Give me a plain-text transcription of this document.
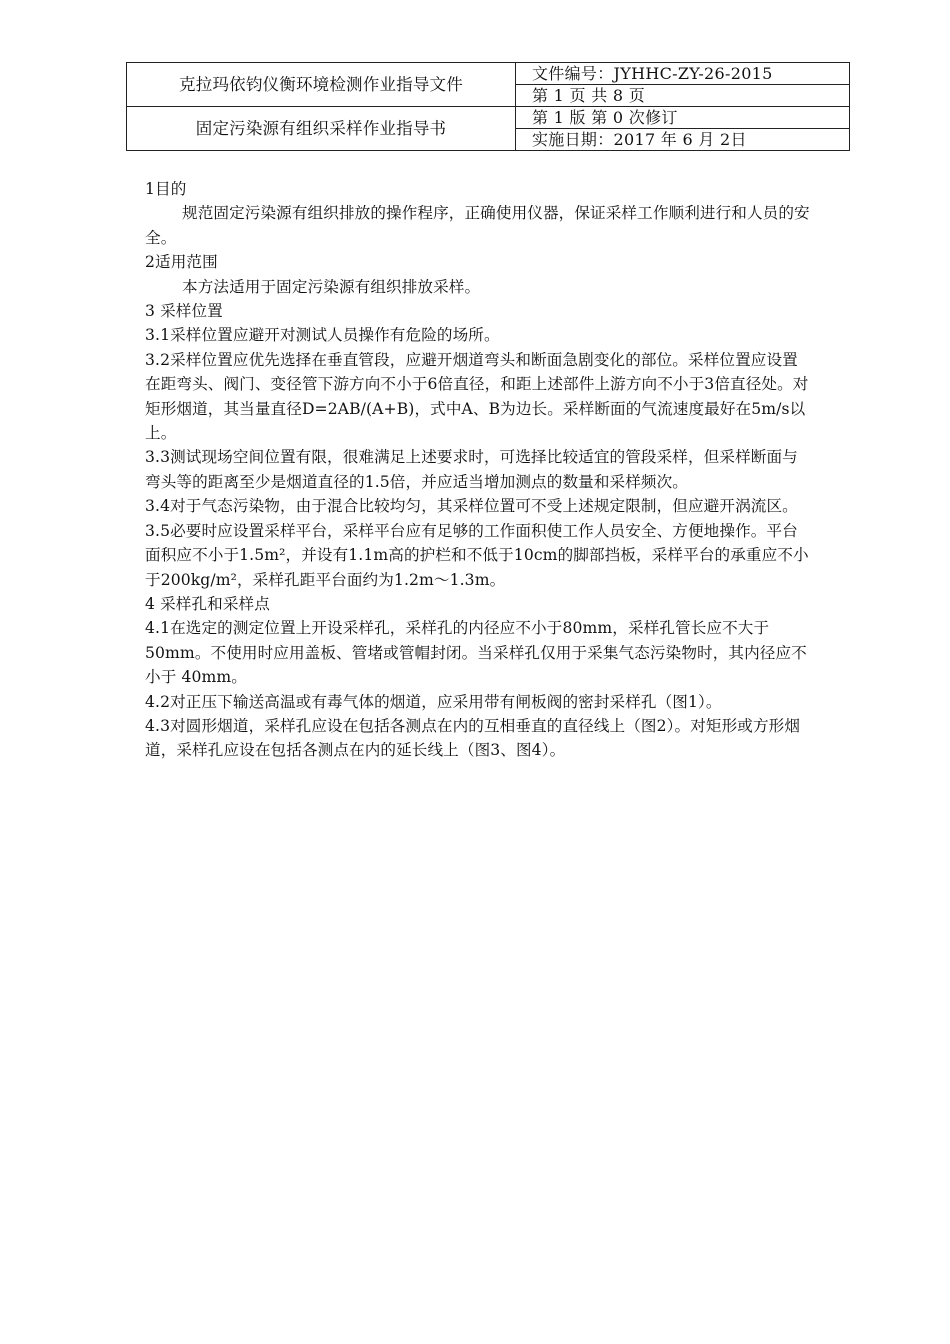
克拉玛依钧仪衡环境检测作业指导文件	文件编号：JYHHC-ZY-26-2015
	第 1 页 共 8 页
固定污染源有组织采样作业指导书	第 1 版 第 0 次修订
	实施日期：2017 年 6 月 2日

1目的

规范固定污染源有组织排放的操作程序，正确使用仪器，保证采样工作顺利进行和人员的安全。

2适用范围

本方法适用于固定污染源有组织排放采样。

3 采样位置

3.1采样位置应避开对测试人员操作有危险的场所。

3.2采样位置应优先选择在垂直管段，应避开烟道弯头和断面急剧变化的部位。采样位置应设置在距弯头、阀门、变径管下游方向不小于6倍直径，和距上述部件上游方向不小于3倍直径处。对矩形烟道，其当量直径D=2AB/(A+B)，式中A、B为边长。采样断面的气流速度最好在5m/s以上。

3.3测试现场空间位置有限，很难满足上述要求时，可选择比较适宜的管段采样，但采样断面与弯头等的距离至少是烟道直径的1.5倍，并应适当增加测点的数量和采样频次。

3.4对于气态污染物，由于混合比较均匀，其采样位置可不受上述规定限制，但应避开涡流区。

3.5必要时应设置采样平台，采样平台应有足够的工作面积使工作人员安全、方便地操作。平台面积应不小于1.5m²，并设有1.1m高的护栏和不低于10cm的脚部挡板，采样平台的承重应不小于200kg/m²，采样孔距平台面约为1.2m～1.3m。

4 采样孔和采样点

4.1在选定的测定位置上开设采样孔，采样孔的内径应不小于80mm，采样孔管长应不大于50mm。不使用时应用盖板、管堵或管帽封闭。当采样孔仅用于采集气态污染物时，其内径应不小于 40mm。

4.2对正压下输送高温或有毒气体的烟道，应采用带有闸板阀的密封采样孔（图1）。

4.3对圆形烟道，采样孔应设在包括各测点在内的互相垂直的直径线上（图2）。对矩形或方形烟道，采样孔应设在包括各测点在内的延长线上（图3、图4）。
